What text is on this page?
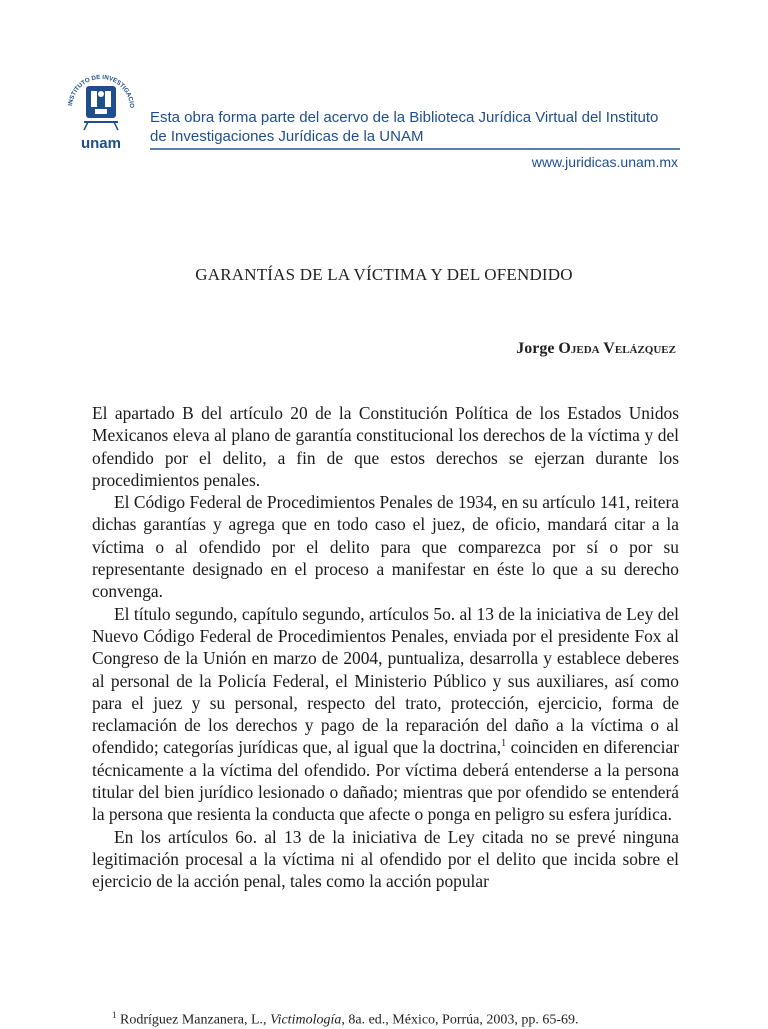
INSTITUTO DE INVESTIGACIO
unam
Esta obra forma parte del acervo de la Biblioteca Jurídica Virtual del Instituto
de Investigaciones Jurídicas de la UNAM
www.juridicas.unam.mx
GARANTÍAS DE LA VÍCTIMA Y DEL OFENDIDO
Jorge Ojeda Velázquez

El apartado B del artículo 20 de la Constitución Política de los Estados Unidos Mexicanos eleva al plano de garantía constitucional los derechos de la víctima y del ofendido por el delito, a fin de que estos derechos se ejerzan durante los procedimientos penales.

El Código Federal de Procedimientos Penales de 1934, en su artículo 141, reitera dichas garantías y agrega que en todo caso el juez, de oficio, mandará citar a la víctima o al ofendido por el delito para que comparezca por sí o por su representante designado en el proceso a manifestar en éste lo que a su derecho convenga.

El título segundo, capítulo segundo, artículos 5o. al 13 de la iniciativa de Ley del Nuevo Código Federal de Procedimientos Penales, enviada por el presidente Fox al Congreso de la Unión en marzo de 2004, puntualiza, desarrolla y establece deberes al personal de la Policía Federal, el Ministerio Público y sus auxiliares, así como para el juez y su personal, respecto del trato, protección, ejercicio, forma de reclamación de los derechos y pago de la reparación del daño a la víctima o al ofendido; categorías jurídicas que, al igual que la doctrina,$^1$ coinciden en diferenciar técnicamente a la víctima del ofendido. Por víctima deberá entenderse a la persona titular del bien jurídico lesionado o dañado; mientras que por ofendido se entenderá la persona que resienta la conducta que afecte o ponga en peligro su esfera jurídica.

En los artículos 6o. al 13 de la iniciativa de Ley citada no se prevé ninguna legitimación procesal a la víctima ni al ofendido por el delito que incida sobre el ejercicio de la acción penal, tales como la acción popular

$^1$ Rodríguez Manzanera, L., Victimología, 8a. ed., México, Porrúa, 2003, pp. 65-69.
